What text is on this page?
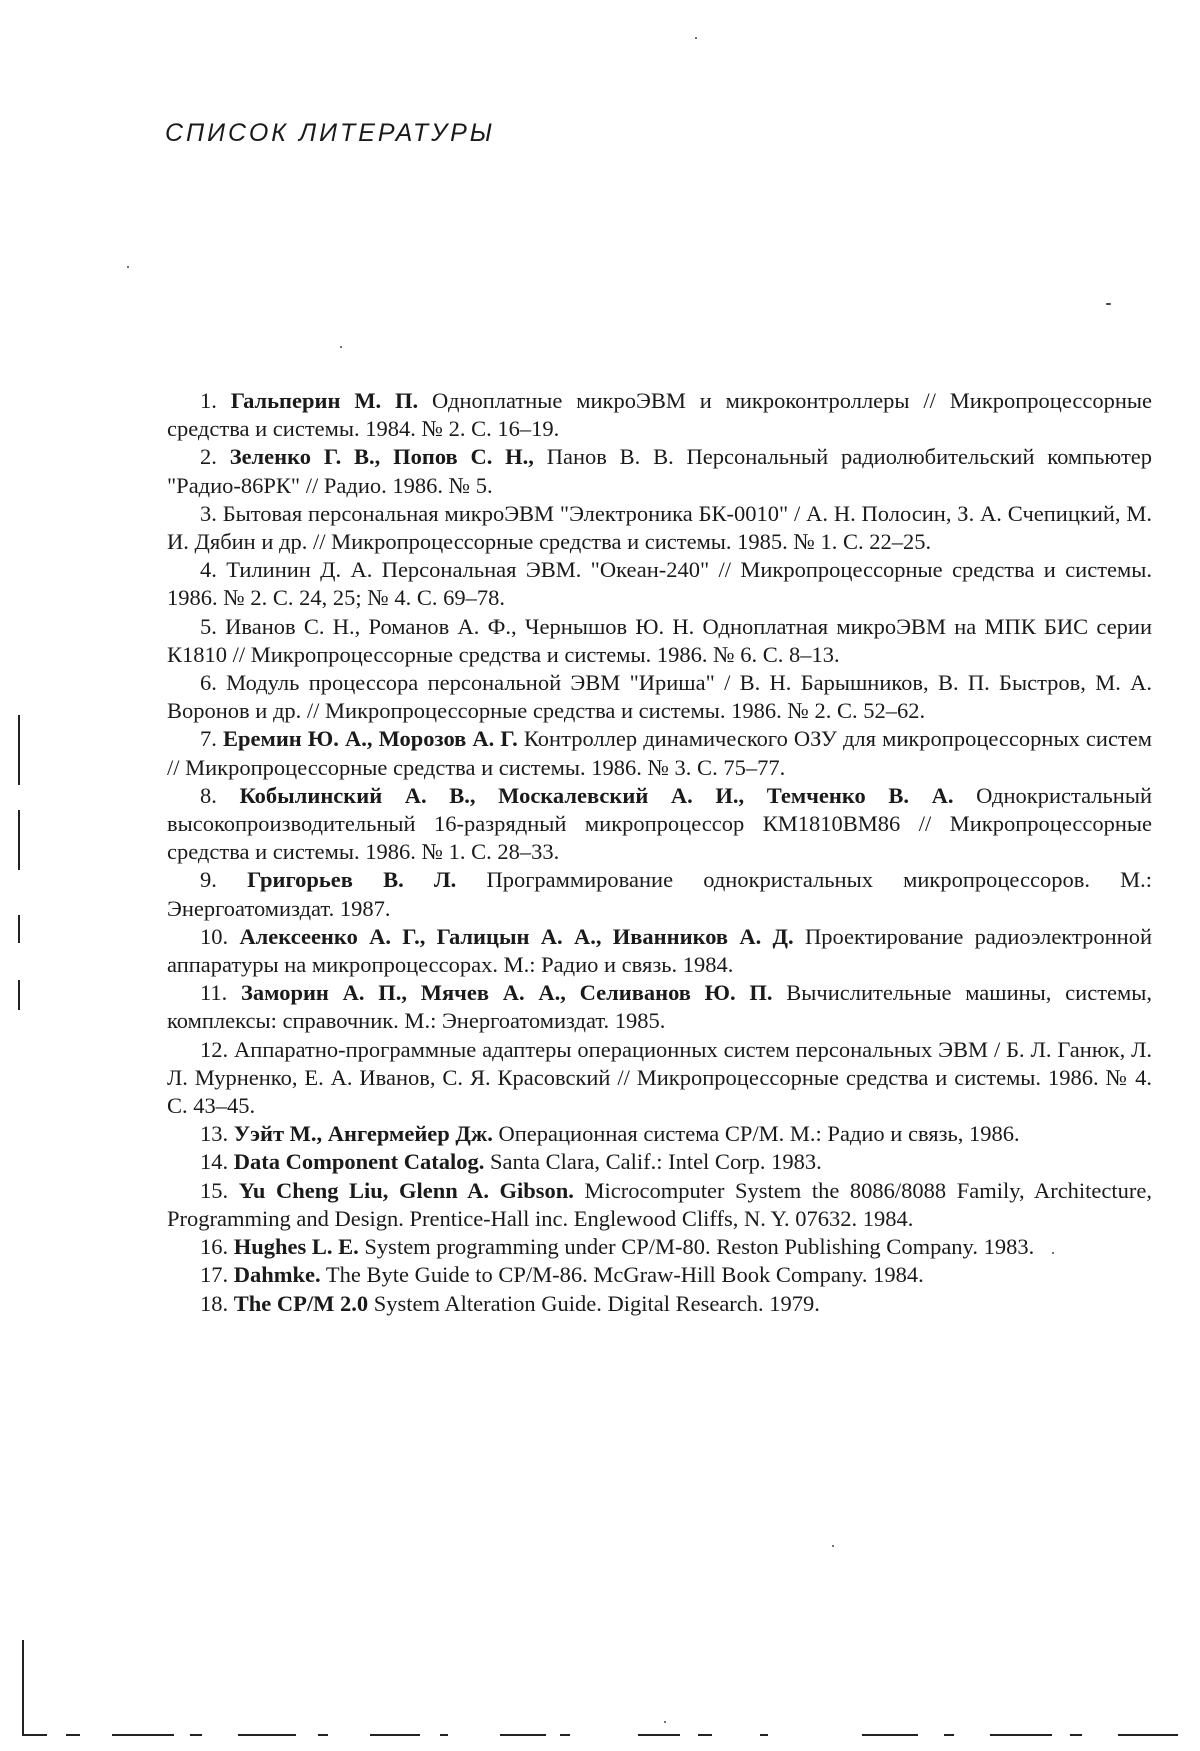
СПИСОК ЛИТЕРАТУРЫ
1. Гальперин М. П. Одноплатные микроЭВМ и микроконтроллеры // Микропроцессорные средства и системы. 1984. № 2. С. 16–19.
2. Зеленко Г. В., Попов С. Н., Панов В. В. Персональный радиолюбительский компьютер "Радио-86РК" // Радио. 1986. № 5.
3. Бытовая персональная микроЭВМ "Электроника БК-0010" / А. Н. Полосин, З. А. Счепицкий, М. И. Дябин и др. // Микропроцессорные средства и системы. 1985. № 1. С. 22–25.
4. Тилинин Д. А. Персональная ЭВМ. "Океан-240" // Микропроцессорные средства и системы. 1986. № 2. С. 24, 25; № 4. С. 69–78.
5. Иванов С. Н., Романов А. Ф., Чернышов Ю. Н. Одноплатная микроЭВМ на МПК БИС серии К1810 // Микропроцессорные средства и системы. 1986. № 6. С. 8–13.
6. Модуль процессора персональной ЭВМ "Ириша" / В. Н. Барышников, В. П. Быстров, М. А. Воронов и др. // Микропроцессорные средства и системы. 1986. № 2. С. 52–62.
7. Еремин Ю. А., Морозов А. Г. Контроллер динамического ОЗУ для микропроцессорных систем // Микропроцессорные средства и системы. 1986. № 3. С. 75–77.
8. Кобылинский А. В., Москалевский А. И., Темченко В. А. Однокристальный высокопроизводительный 16-разрядный микропроцессор КМ1810ВМ86 // Микропроцессорные средства и системы. 1986. № 1. С. 28–33.
9. Григорьев В. Л. Программирование однокристальных микропроцессоров. М.: Энергоатомиздат. 1987.
10. Алексеенко А. Г., Галицын А. А., Иванников А. Д. Проектирование радиоэлектронной аппаратуры на микропроцессорах. М.: Радио и связь. 1984.
11. Заморин А. П., Мячев А. А., Селиванов Ю. П. Вычислительные машины, системы, комплексы: справочник. М.: Энергоатомиздат. 1985.
12. Аппаратно-программные адаптеры операционных систем персональных ЭВМ / Б. Л. Ганюк, Л. Л. Мурненко, Е. А. Иванов, С. Я. Красовский // Микропроцессорные средства и системы. 1986. № 4. С. 43–45.
13. Уэйт М., Ангермейер Дж. Операционная система СР/М. М.: Радио и связь, 1986.
14. Data Component Catalog. Santa Clara, Calif.: Intel Corp. 1983.
15. Yu Cheng Liu, Glenn A. Gibson. Microcomputer System the 8086/8088 Family, Architecture, Programming and Design. Prentice-Hall inc. Englewood Cliffs, N. Y. 07632. 1984.
16. Hughes L. E. System programming under CP/M-80. Reston Publishing Company. 1983.
17. Dahmke. The Byte Guide to CP/M-86. McGraw-Hill Book Company. 1984.
18. The CP/M 2.0 System Alteration Guide. Digital Research. 1979.
